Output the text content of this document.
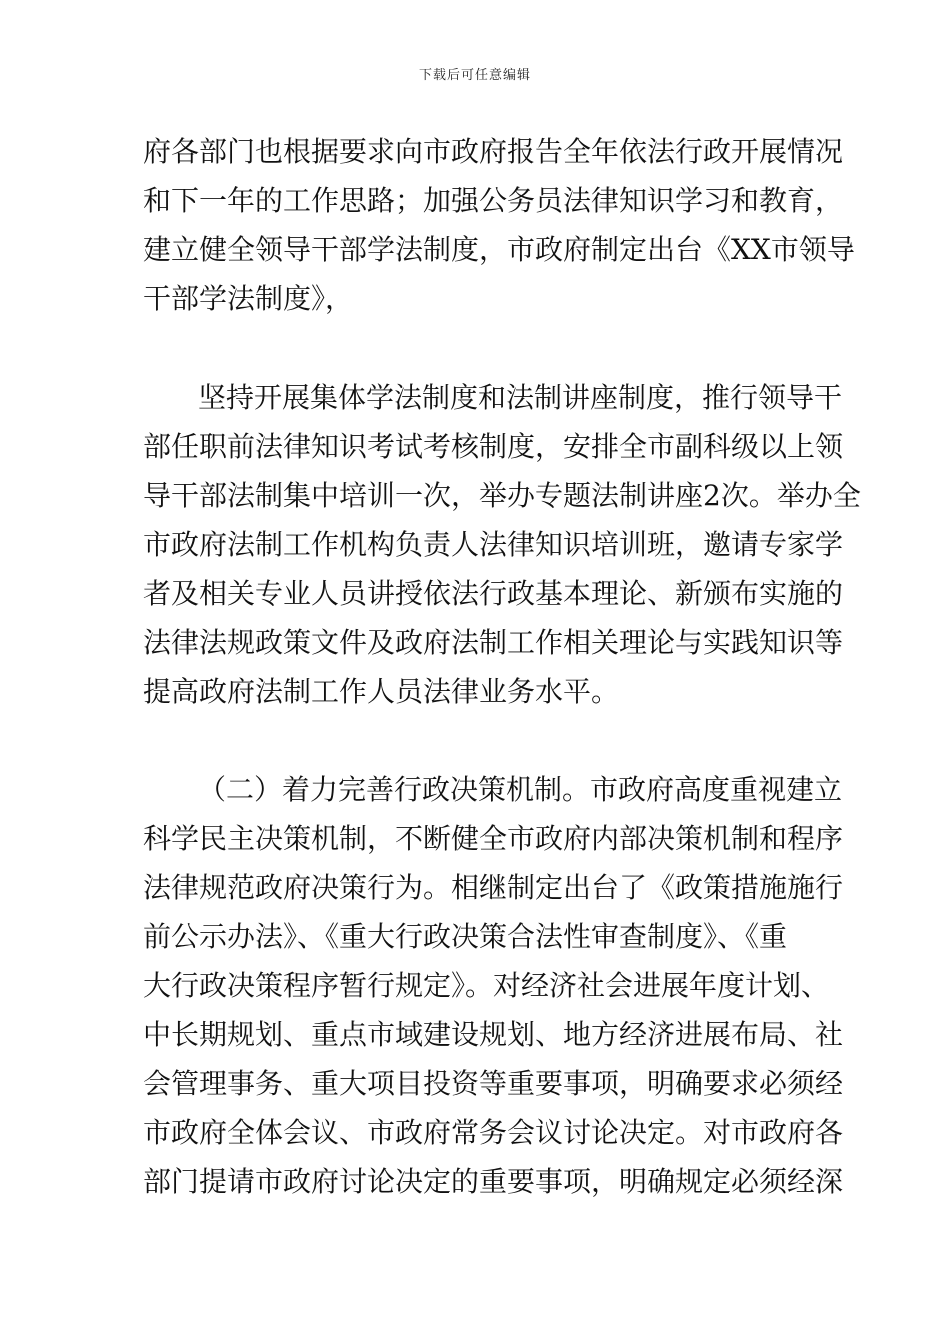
下载后可任意编辑
府各部门也根据要求向市政府报告全年依法行政开展情况
和下一年的工作思路；加强公务员法律知识学习和教育，
建立健全领导干部学法制度，市政府制定出台《XX市领导
干部学法制度》，
坚持开展集体学法制度和法制讲座制度，推行领导干
部任职前法律知识考试考核制度，安排全市副科级以上领
导干部法制集中培训一次，举办专题法制讲座2次。举办全
市政府法制工作机构负责人法律知识培训班，邀请专家学
者及相关专业人员讲授依法行政基本理论、新颁布实施的
法律法规政策文件及政府法制工作相关理论与实践知识等
提高政府法制工作人员法律业务水平。
（二）着力完善行政决策机制。市政府高度重视建立
科学民主决策机制，不断健全市政府内部决策机制和程序
法律规范政府决策行为。相继制定出台了《政策措施施行
前公示办法》、《重大行政决策合法性审查制度》、《重
大行政决策程序暂行规定》。对经济社会进展年度计划、
中长期规划、重点市域建设规划、地方经济进展布局、社
会管理事务、重大项目投资等重要事项，明确要求必须经
市政府全体会议、市政府常务会议讨论决定。对市政府各
部门提请市政府讨论决定的重要事项，明确规定必须经深
